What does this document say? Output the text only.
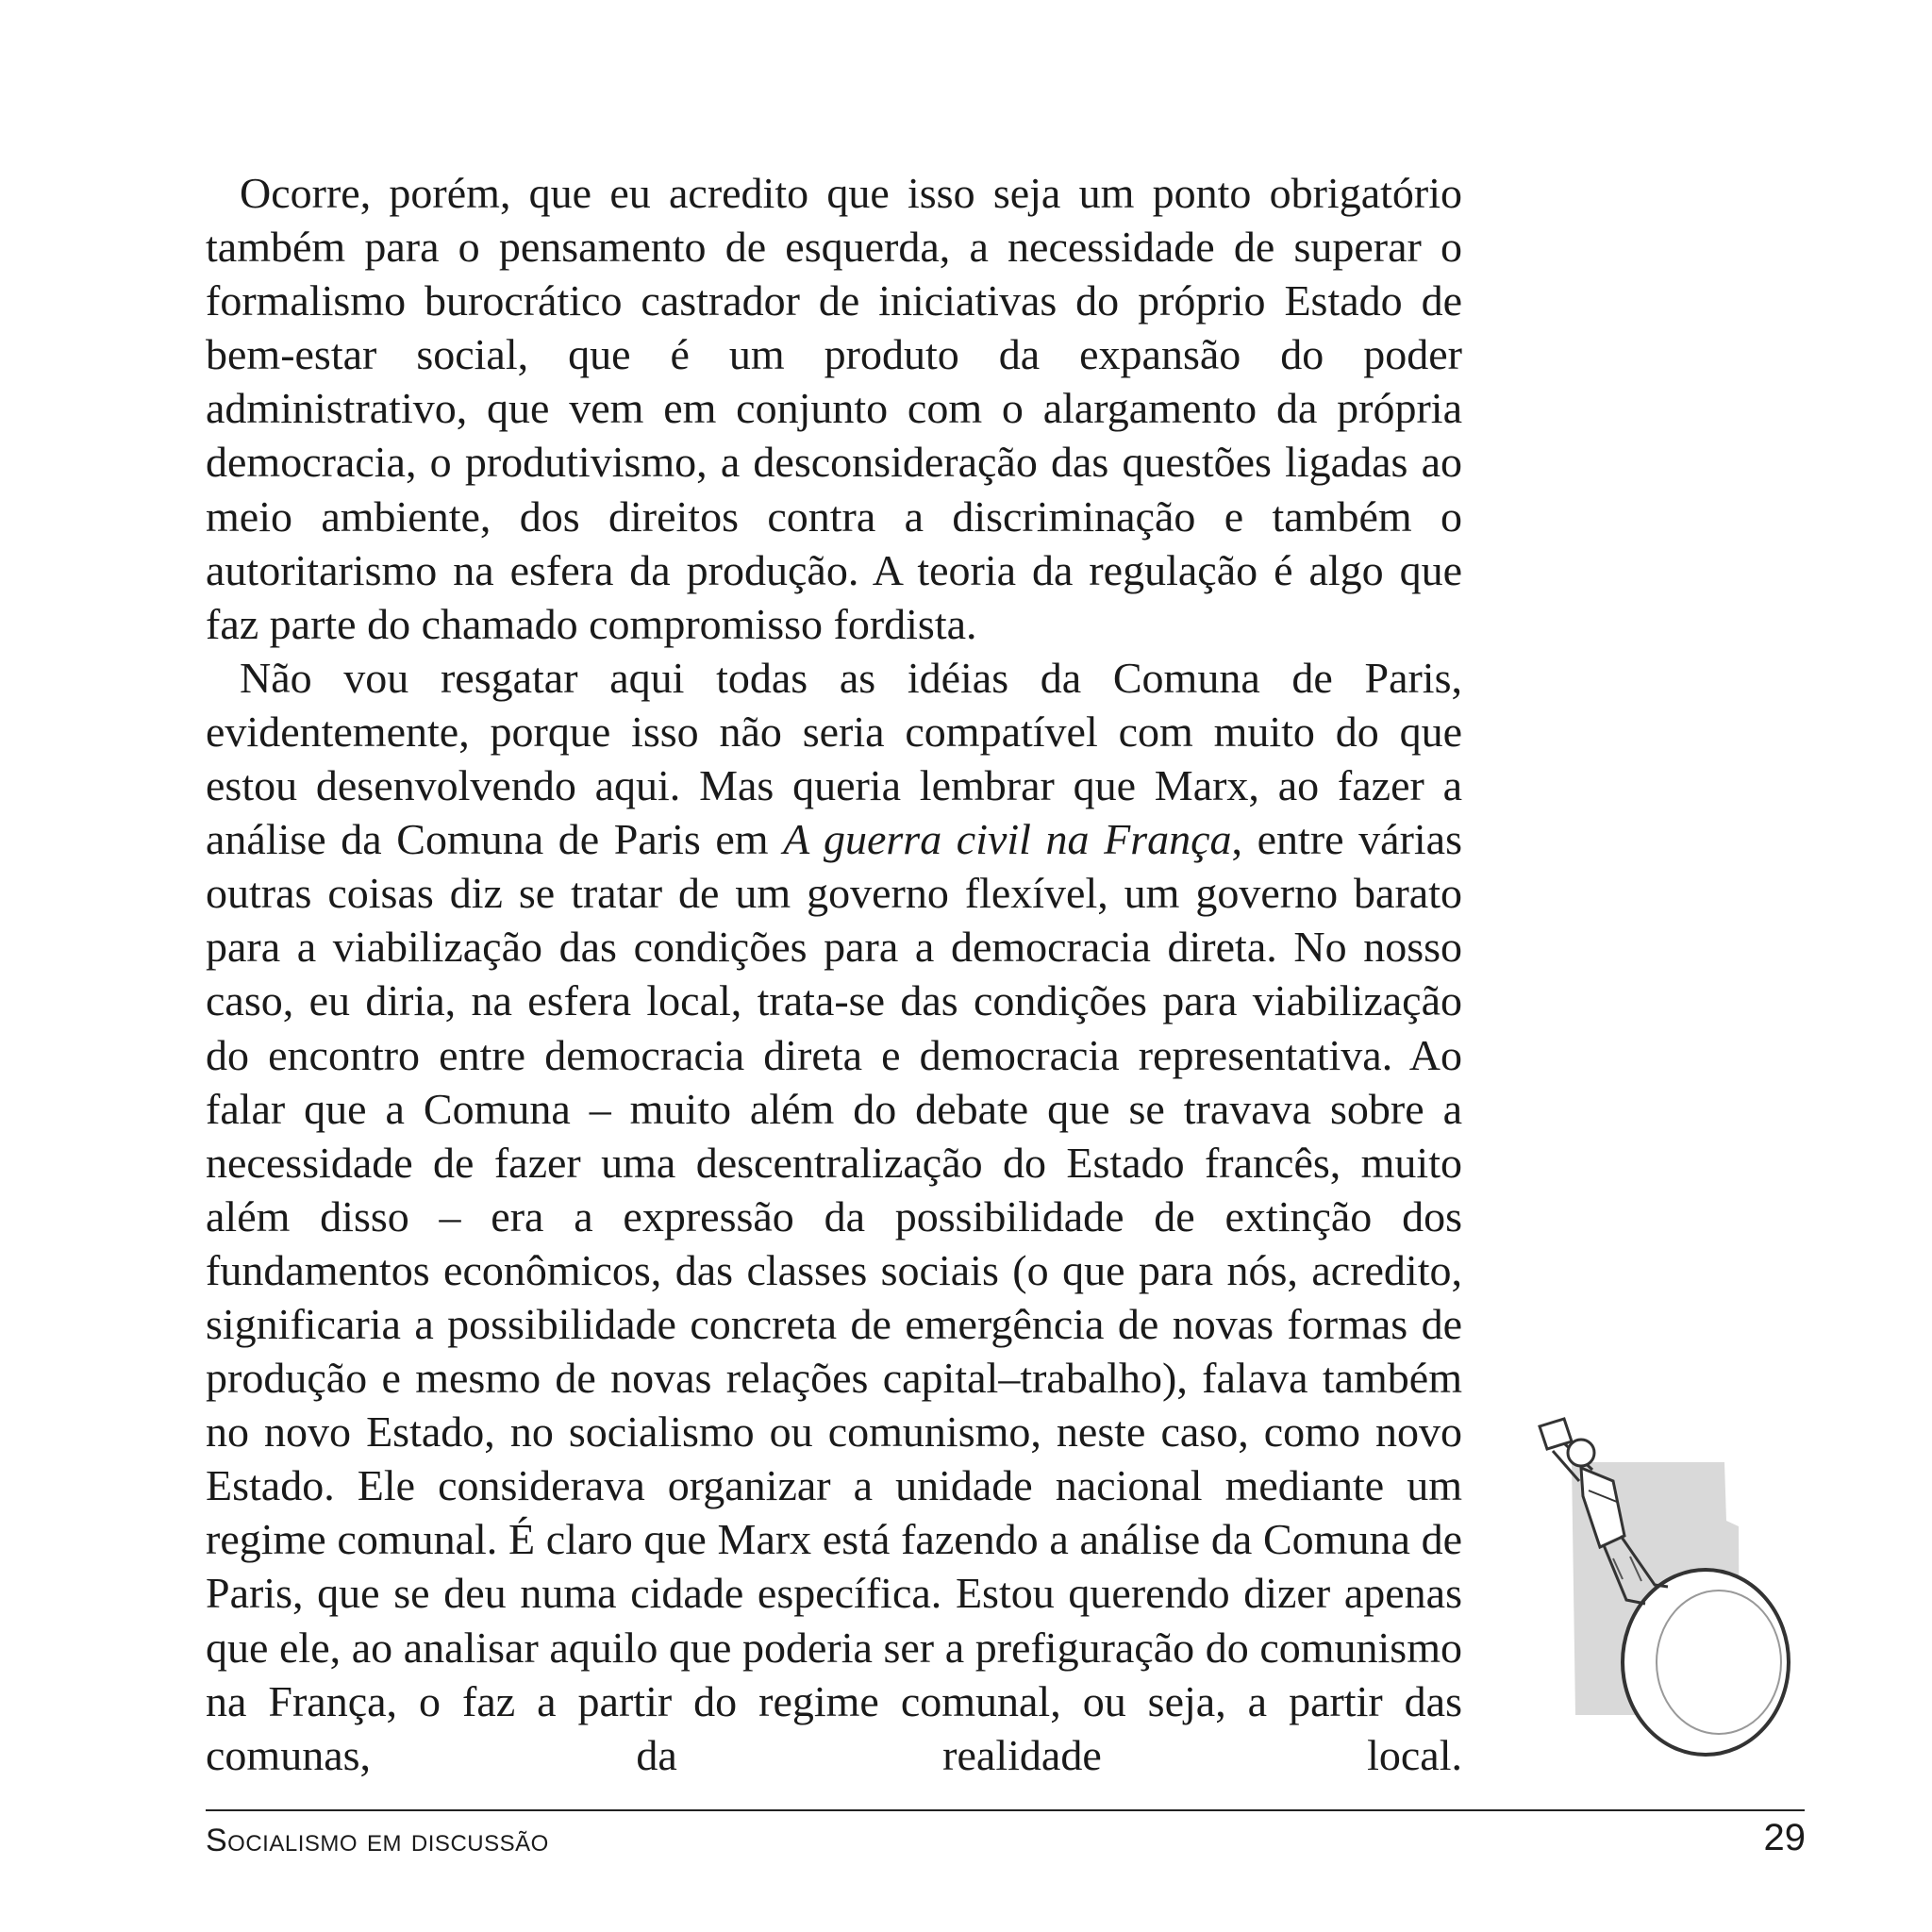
Ocorre, porém, que eu acredito que isso seja um ponto obrigatório também para o pensamento de esquerda, a necessidade de superar o formalismo burocrático castrador de iniciativas do próprio Estado de bem-estar social, que é um produto da expansão do poder administrativo, que vem em conjunto com o alargamento da própria democracia, o produtivismo, a desconsideração das questões ligadas ao meio ambiente, dos direitos contra a discriminação e também o autoritarismo na esfera da produção. A teoria da regulação é algo que faz parte do chamado compromisso fordista.

Não vou resgatar aqui todas as idéias da Comuna de Paris, evidentemente, porque isso não seria compatível com muito do que estou desenvolvendo aqui. Mas queria lembrar que Marx, ao fazer a análise da Comuna de Paris em A guerra civil na França, entre várias outras coisas diz se tratar de um governo flexível, um governo barato para a viabilização das condições para a democracia direta. No nosso caso, eu diria, na esfera local, trata-se das condições para viabilização do encontro entre democracia direta e democracia representativa. Ao falar que a Comuna – muito além do debate que se travava sobre a necessidade de fazer uma descentralização do Estado francês, muito além disso – era a expressão da possibilidade de extinção dos fundamentos econômicos, das classes sociais (o que para nós, acredito, significaria a possibilidade concreta de emergência de novas formas de produção e mesmo de novas relações capital–trabalho), falava também no novo Estado, no socialismo ou comunismo, neste caso, como novo Estado. Ele considerava organizar a unidade nacional mediante um regime comunal. É claro que Marx está fazendo a análise da Comuna de Paris, que se deu numa cidade específica. Estou querendo dizer apenas que ele, ao analisar aquilo que poderia ser a prefiguração do comunismo na França, o faz a partir do regime comunal, ou seja, a partir das comunas, da realidade local.

Socialismo em discussão	29
